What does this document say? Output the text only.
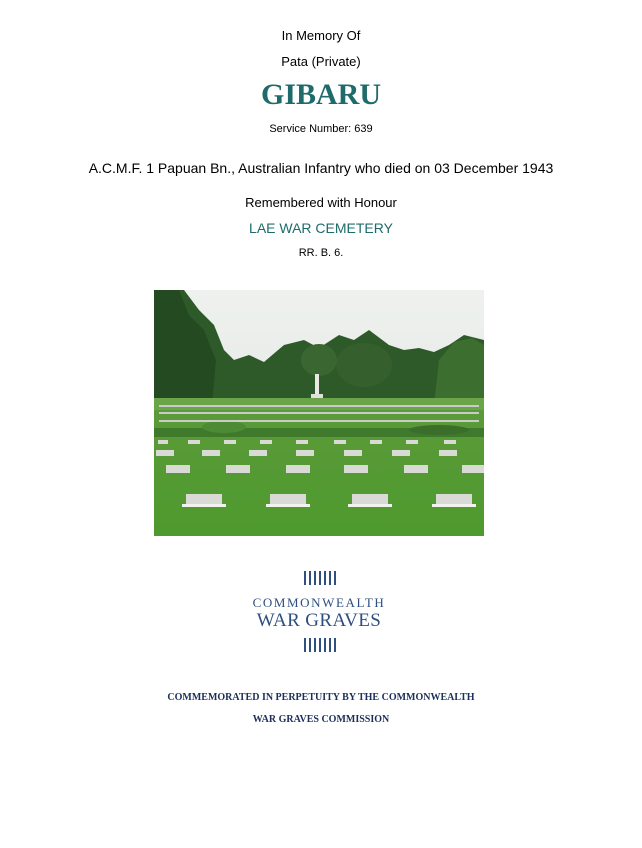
In Memory Of
Pata (Private)
GIBARU
Service Number: 639
A.C.M.F. 1 Papuan Bn., Australian Infantry who died on 03 December 1943
Remembered with Honour
LAE WAR CEMETERY
RR. B. 6.
COMMONWEALTH
WAR GRAVES
COMMEMORATED IN PERPETUITY BY THE COMMONWEALTH
WAR GRAVES COMMISSION
